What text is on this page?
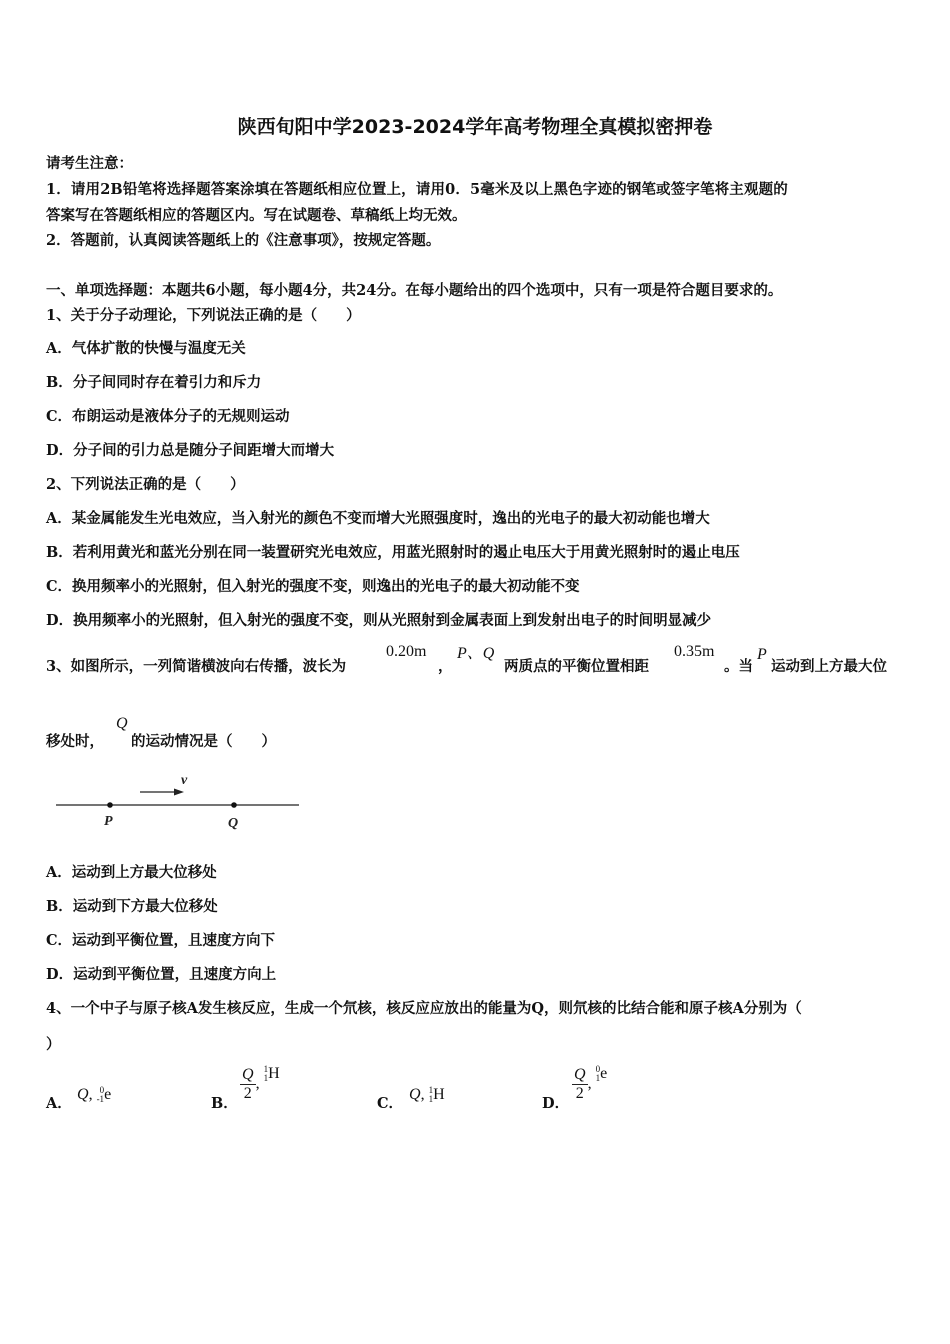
陕西旬阳中学2023-2024学年高考物理全真模拟密押卷
请考生注意：
1．请用2B铅笔将选择题答案涂填在答题纸相应位置上，请用0．5毫米及以上黑色字迹的钢笔或签字笔将主观题的
答案写在答题纸相应的答题区内。写在试题卷、草稿纸上均无效。
2．答题前，认真阅读答题纸上的《注意事项》，按规定答题。
一、单项选择题：本题共6小题，每小题4分，共24分。在每小题给出的四个选项中，只有一项是符合题目要求的。
1、关于分子动理论，下列说法正确的是（　　）
A．气体扩散的快慢与温度无关
B．分子间同时存在着引力和斥力
C．布朗运动是液体分子的无规则运动
D．分子间的引力总是随分子间距增大而增大
2、下列说法正确的是（　　）
A．某金属能发生光电效应，当入射光的颜色不变而增大光照强度时，逸出的光电子的最大初动能也增大
B．若利用黄光和蓝光分别在同一装置研究光电效应，用蓝光照射时的遏止电压大于用黄光照射时的遏止电压
C．换用频率小的光照射，但入射光的强度不变，则逸出的光电子的最大初动能不变
D．换用频率小的光照射，但入射光的强度不变，则从光照射到金属表面上到发射出电子的时间明显减少
3、如图所示，一列简谐横波向右传播，波长为
0.20m
，
P、Q
两质点的平衡位置相距
0.35m
。当
P
运动到上方最大位
移处时，
Q
的运动情况是（　　）
v
P	Q
A．运动到上方最大位移处
B．运动到下方最大位移处
C．运动到平衡位置，且速度方向下
D．运动到平衡位置，且速度方向上
4、一个中子与原子核A发生核反应，生成一个氘核，核反应应放出的能量为Q，则氘核的比结合能和原子核A分别为（
）
A．
Q, 0
-1e
B．
$\frac{Q}{2}$ , 1
1H
C．
Q, 1
1H
D．
$\frac{Q}{2}$ , 0
1e
